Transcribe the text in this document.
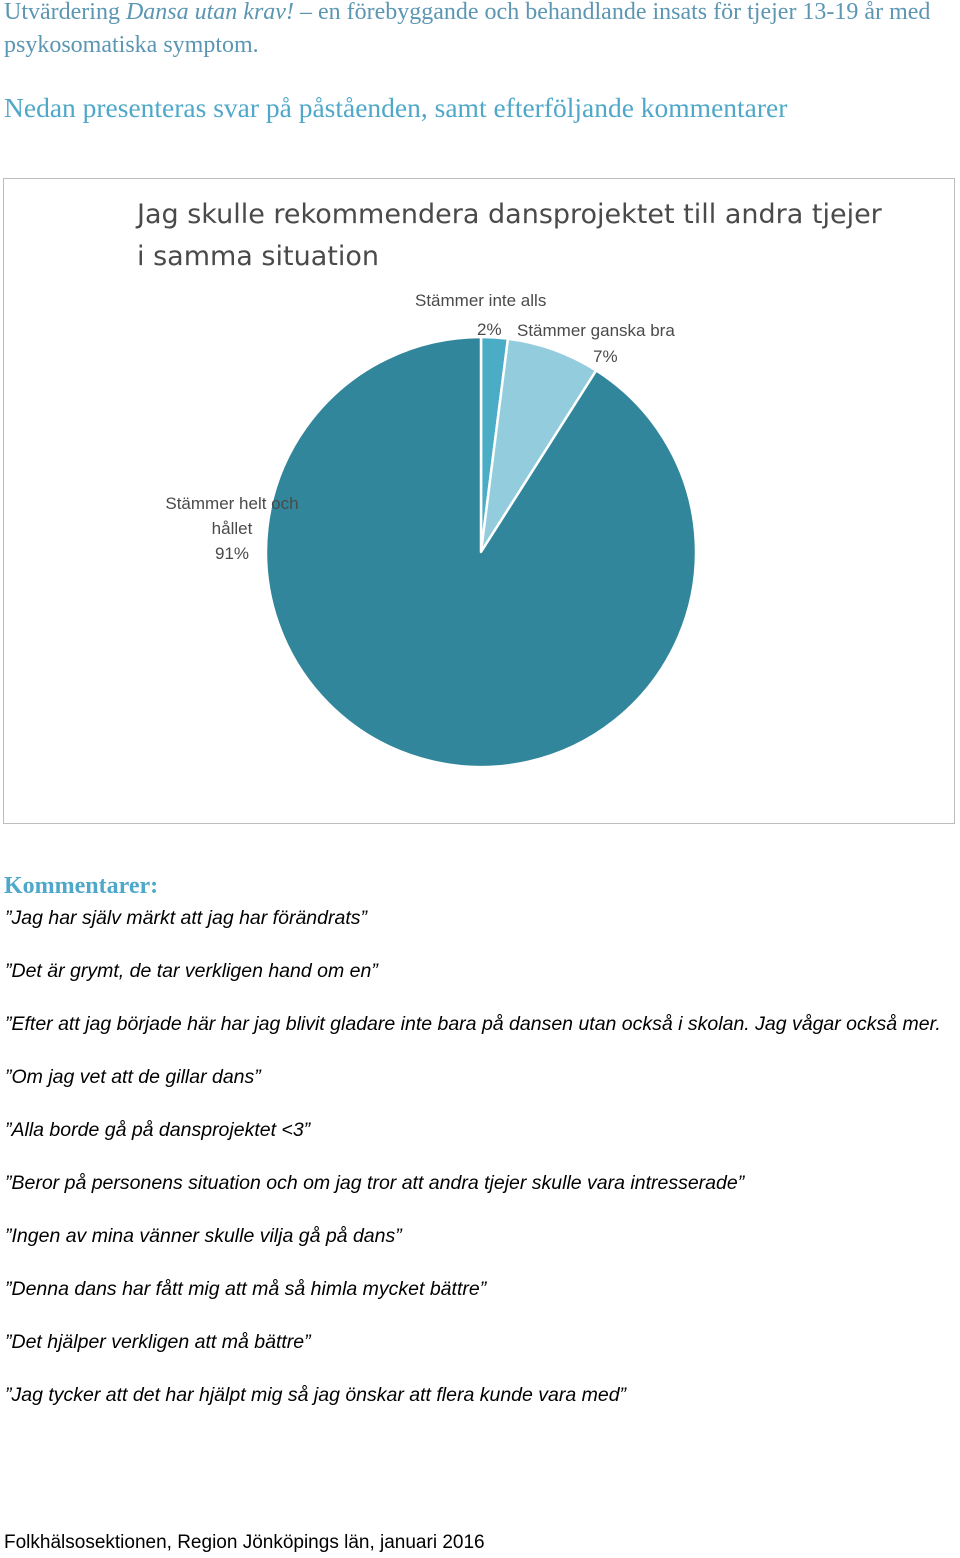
Utvärdering Dansa utan krav! – en förebyggande och behandlande insats för tjejer 13-19 år med psykosomatiska symptom.

Nedan presenteras svar på påståenden, samt efterföljande kommentarer

Jag skulle rekommendera dansprojektet till andra tjejer i samma situation

Stämmer inte alls
2% Stämmer ganska bra
7%
Stämmer helt och
hållet
91%

Kommentarer:

”Jag har själv märkt att jag har förändrats”
”Det är grymt, de tar verkligen hand om en”
”Efter att jag började här har jag blivit gladare inte bara på dansen utan också i skolan. Jag vågar också mer.
”Om jag vet att de gillar dans”
”Alla borde gå på dansprojektet <3”
”Beror på personens situation och om jag tror att andra tjejer skulle vara intresserade”
”Ingen av mina vänner skulle vilja gå på dans”
”Denna dans har fått mig att må så himla mycket bättre”
”Det hjälper verkligen att må bättre”
”Jag tycker att det har hjälpt mig så jag önskar att flera kunde vara med”

Folkhälsosektionen, Region Jönköpings län, januari 2016
